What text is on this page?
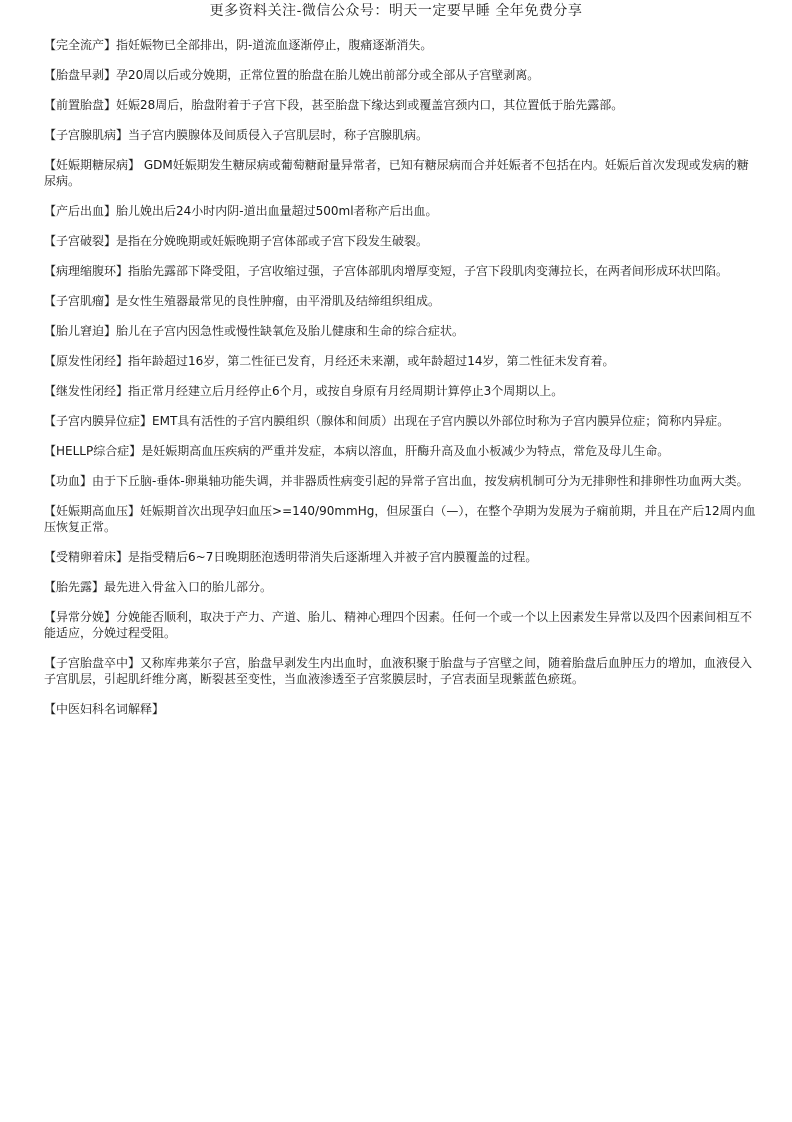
更多资料关注-微信公众号：明天一定要早睡 全年免费分享

【完全流产】指妊娠物已全部排出，阴-道流血逐渐停止，腹痛逐渐消失。

【胎盘早剥】孕20周以后或分娩期，正常位置的胎盘在胎儿娩出前部分或全部从子宫壁剥离。

【前置胎盘】妊娠28周后，胎盘附着于子宫下段，甚至胎盘下缘达到或覆盖宫颈内口，其位置低于胎先露部。

【子宫腺肌病】当子宫内膜腺体及间质侵入子宫肌层时，称子宫腺肌病。

【妊娠期糖尿病】 GDM妊娠期发生糖尿病或葡萄糖耐量异常者，已知有糖尿病而合并妊娠者不包括在内。妊娠后首次发现或发病的糖尿病。

【产后出血】胎儿娩出后24小时内阴-道出血量超过500ml者称产后出血。

【子宫破裂】是指在分娩晚期或妊娠晚期子宫体部或子宫下段发生破裂。

【病理缩腹环】指胎先露部下降受阻，子宫收缩过强，子宫体部肌肉增厚变短，子宫下段肌肉变薄拉长，在两者间形成环状凹陷。

【子宫肌瘤】是女性生殖器最常见的良性肿瘤，由平滑肌及结缔组织组成。

【胎儿窘迫】胎儿在子宫内因急性或慢性缺氧危及胎儿健康和生命的综合症状。

【原发性闭经】指年龄超过16岁，第二性征已发育，月经还未来潮，或年龄超过14岁，第二性征未发育着。

【继发性闭经】指正常月经建立后月经停止6个月，或按自身原有月经周期计算停止3个周期以上。

【子宫内膜异位症】EMT具有活性的子宫内膜组织（腺体和间质）出现在子宫内膜以外部位时称为子宫内膜异位症；简称内异症。

【HELLP综合症】是妊娠期高血压疾病的严重并发症，本病以溶血，肝酶升高及血小板减少为特点，常危及母儿生命。

【功血】由于下丘脑-垂体-卵巢轴功能失调，并非器质性病变引起的异常子宫出血，按发病机制可分为无排卵性和排卵性功血两大类。

【妊娠期高血压】妊娠期首次出现孕妇血压>=140/90mmHg，但尿蛋白（—），在整个孕期为发展为子痫前期，并且在产后12周内血压恢复正常。

【受精卵着床】是指受精后6~7日晚期胚泡透明带消失后逐渐埋入并被子宫内膜覆盖的过程。

【胎先露】最先进入骨盆入口的胎儿部分。

【异常分娩】分娩能否顺利，取决于产力、产道、胎儿、精神心理四个因素。任何一个或一个以上因素发生异常以及四个因素间相互不能适应，分娩过程受阻。

【子宫胎盘卒中】又称库弗莱尔子宫，胎盘早剥发生内出血时，血液积聚于胎盘与子宫壁之间，随着胎盘后血肿压力的增加，血液侵入子宫肌层，引起肌纤维分离，断裂甚至变性，当血液渗透至子宫浆膜层时，子宫表面呈现紫蓝色瘀斑。

【中医妇科名词解释】
